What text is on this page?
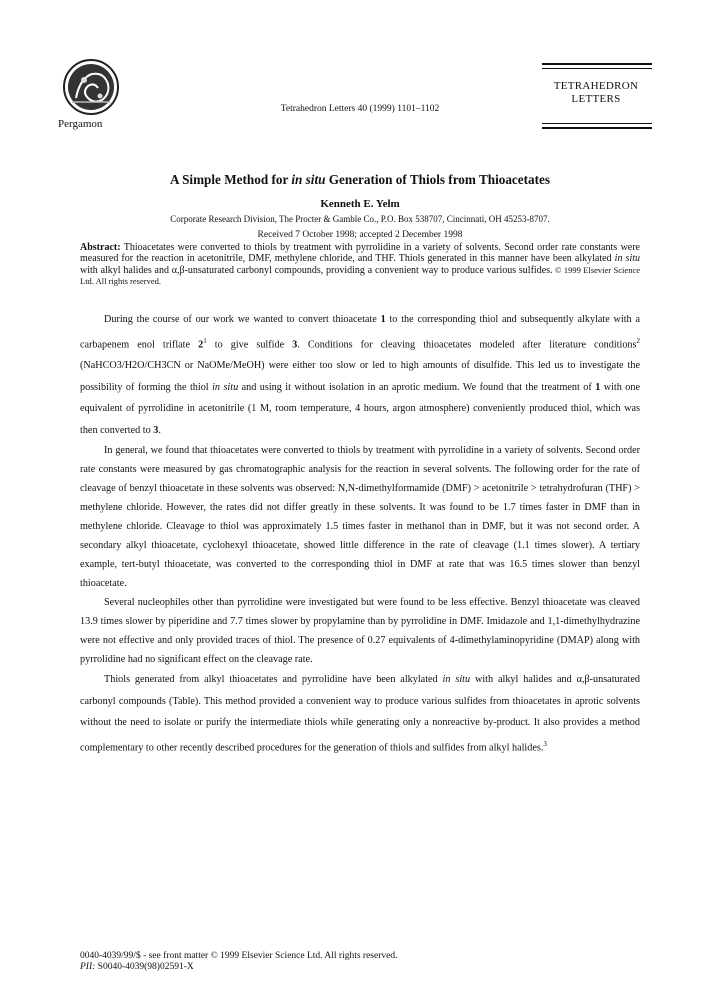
Pergamon
Tetrahedron Letters 40 (1999) 1101–1102
TETRAHEDRON
LETTERS
A Simple Method for in situ Generation of Thiols from Thioacetates
Kenneth E. Yelm
Corporate Research Division, The Procter & Gamble Co., P.O. Box 538707, Cincinnati, OH 45253-8707.
Received 7 October 1998; accepted 2 December 1998
Abstract: Thioacetates were converted to thiols by treatment with pyrrolidine in a variety of solvents. Second order rate constants were measured for the reaction in acetonitrile, DMF, methylene chloride, and THF. Thiols generated in this manner have been alkylated in situ with alkyl halides and α,β-unsaturated carbonyl compounds, providing a convenient way to produce various sulfides. © 1999 Elsevier Science Ltd. All rights reserved.

During the course of our work we wanted to convert thioacetate 1 to the corresponding thiol and subsequently alkylate with a carbapenem enol triflate $2^1$ to give sulfide 3. Conditions for cleaving thioacetates modeled after literature conditions$^2$ (NaHCO3/H2O/CH3CN or NaOMe/MeOH) were either too slow or led to high amounts of disulfide. This led us to investigate the possibility of forming the thiol in situ and using it without isolation in an aprotic medium. We found that the treatment of 1 with one equivalent of pyrrolidine in acetonitrile (1 M, room temperature, 4 hours, argon atmosphere) conveniently produced thiol, which was then converted to 3.

In general, we found that thioacetates were converted to thiols by treatment with pyrrolidine in a variety of solvents. Second order rate constants were measured by gas chromatographic analysis for the reaction in several solvents. The following order for the rate of cleavage of benzyl thioacetate in these solvents was observed: N,N-dimethylformamide (DMF) > acetonitrile > tetrahydrofuran (THF) > methylene chloride. However, the rates did not differ greatly in these solvents. It was found to be 1.7 times faster in DMF than in methylene chloride. Cleavage to thiol was approximately 1.5 times faster in methanol than in DMF, but it was not second order. A secondary alkyl thioacetate, cyclohexyl thioacetate, showed little difference in the rate of cleavage (1.1 times slower). A tertiary example, tert-butyl thioacetate, was converted to the corresponding thiol in DMF at rate that was 16.5 times slower than benzyl thioacetate.

Several nucleophiles other than pyrrolidine were investigated but were found to be less effective. Benzyl thioacetate was cleaved 13.9 times slower by piperidine and 7.7 times slower by propylamine than by pyrrolidine in DMF. Imidazole and 1,1-dimethylhydrazine were not effective and only provided traces of thiol. The presence of 0.27 equivalents of 4-dimethylaminopyridine (DMAP) along with pyrrolidine had no significant effect on the cleavage rate.

Thiols generated from alkyl thioacetates and pyrrolidine have been alkylated in situ with alkyl halides and α,β-unsaturated carbonyl compounds (Table). This method provided a convenient way to produce various sulfides from thioacetates in aprotic solvents without the need to isolate or purify the intermediate thiols while generating only a nonreactive by-product. It also provides a method complementary to other recently described procedures for the generation of thiols and sulfides from alkyl halides.$^3$

0040-4039/99/$ - see front matter © 1999 Elsevier Science Ltd. All rights reserved.
PII: S0040-4039(98)02591-X
